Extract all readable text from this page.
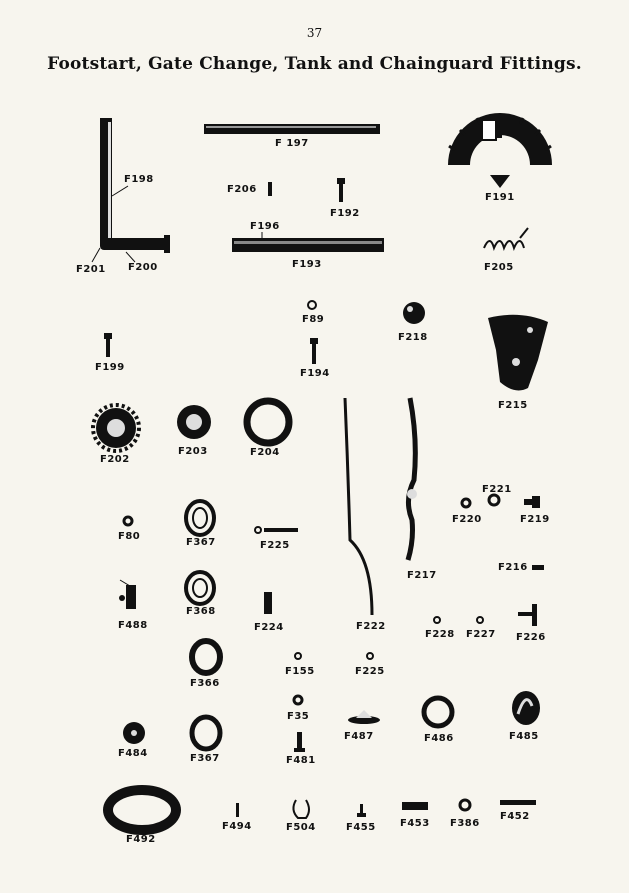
37
Footstart, Gate Change, Tank and Chainguard Fittings.
F 197
F198
F206
F192
F191
F196
F193
F201 F200	F205
F89
F218
F199
F194
F215
F202
F203	F204
F221
F80
F367	F225
F220	F219
F217
F216
F488
F368
F224	F222
F228 F227 F226
F366
F155	F225
F35
F487	F486	F485
F484	F367	F481
F492
F494	F504	F455 F453 F386
F452
